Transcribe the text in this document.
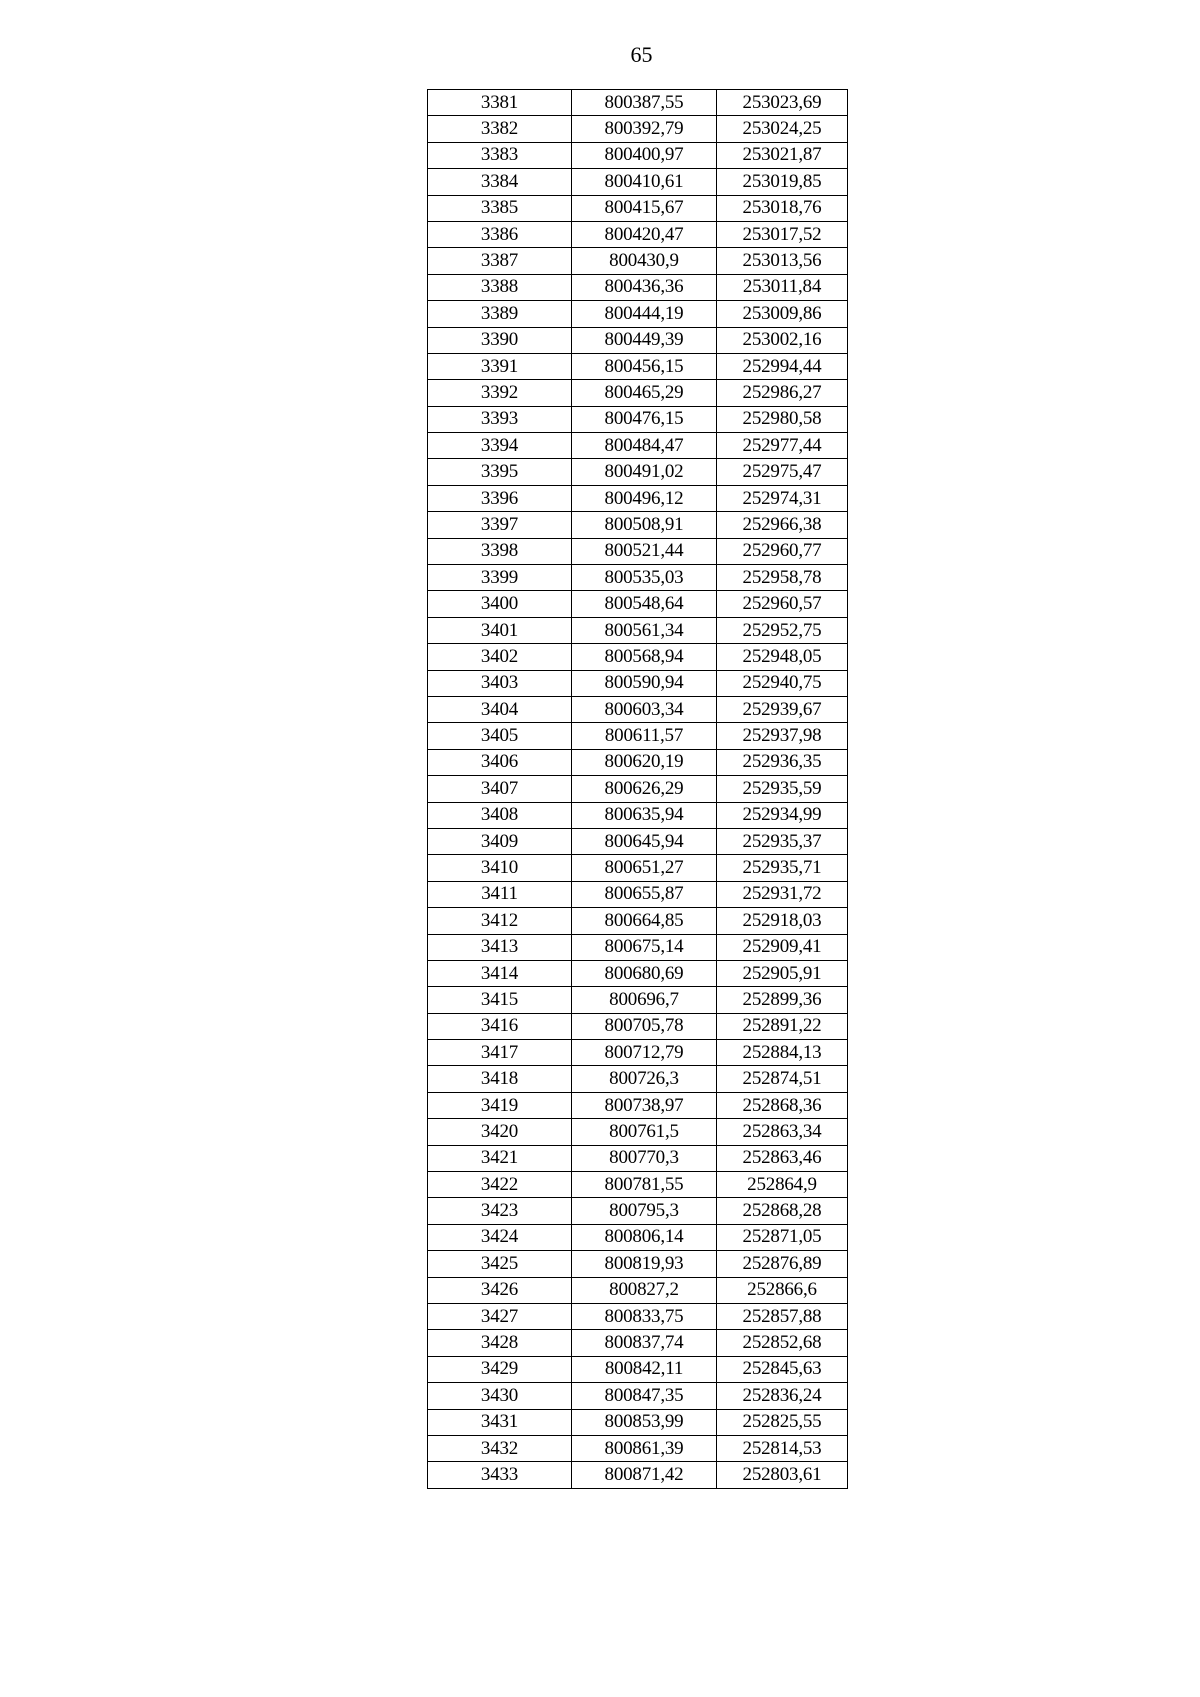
65
3381	800387,55	253023,69
3382	800392,79	253024,25
3383	800400,97	253021,87
3384	800410,61	253019,85
3385	800415,67	253018,76
3386	800420,47	253017,52
3387	800430,9	253013,56
3388	800436,36	253011,84
3389	800444,19	253009,86
3390	800449,39	253002,16
3391	800456,15	252994,44
3392	800465,29	252986,27
3393	800476,15	252980,58
3394	800484,47	252977,44
3395	800491,02	252975,47
3396	800496,12	252974,31
3397	800508,91	252966,38
3398	800521,44	252960,77
3399	800535,03	252958,78
3400	800548,64	252960,57
3401	800561,34	252952,75
3402	800568,94	252948,05
3403	800590,94	252940,75
3404	800603,34	252939,67
3405	800611,57	252937,98
3406	800620,19	252936,35
3407	800626,29	252935,59
3408	800635,94	252934,99
3409	800645,94	252935,37
3410	800651,27	252935,71
3411	800655,87	252931,72
3412	800664,85	252918,03
3413	800675,14	252909,41
3414	800680,69	252905,91
3415	800696,7	252899,36
3416	800705,78	252891,22
3417	800712,79	252884,13
3418	800726,3	252874,51
3419	800738,97	252868,36
3420	800761,5	252863,34
3421	800770,3	252863,46
3422	800781,55	252864,9
3423	800795,3	252868,28
3424	800806,14	252871,05
3425	800819,93	252876,89
3426	800827,2	252866,6
3427	800833,75	252857,88
3428	800837,74	252852,68
3429	800842,11	252845,63
3430	800847,35	252836,24
3431	800853,99	252825,55
3432	800861,39	252814,53
3433	800871,42	252803,61
